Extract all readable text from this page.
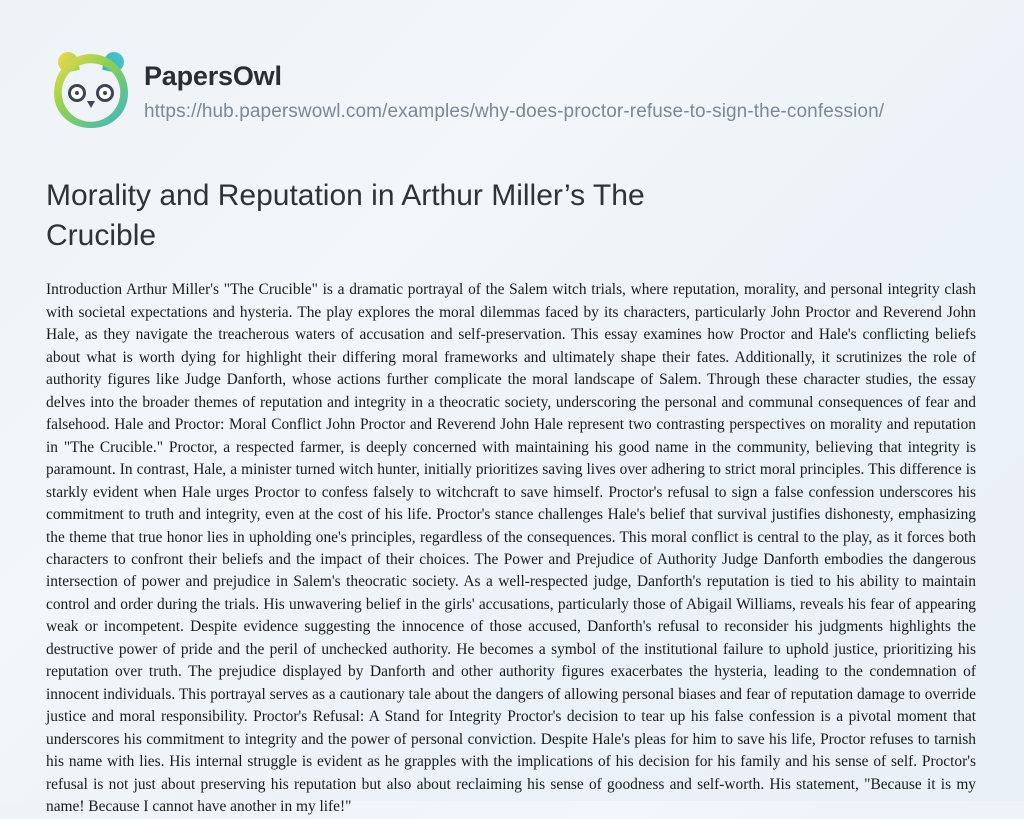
PapersOwl
https://hub.paperswowl.com/examples/why-does-proctor-refuse-to-sign-the-confession/
Morality and Reputation in Arthur Miller’s The Crucible
Introduction Arthur Miller's "The Crucible" is a dramatic portrayal of the Salem witch trials, where reputation, morality, and personal integrity clash with societal expectations and hysteria. The play explores the moral dilemmas faced by its characters, particularly John Proctor and Reverend John Hale, as they navigate the treacherous waters of accusation and self-preservation. This essay examines how Proctor and Hale's conflicting beliefs about what is worth dying for highlight their differing moral frameworks and ultimately shape their fates. Additionally, it scrutinizes the role of authority figures like Judge Danforth, whose actions further complicate the moral landscape of Salem. Through these character studies, the essay delves into the broader themes of reputation and integrity in a theocratic society, underscoring the personal and communal consequences of fear and falsehood. Hale and Proctor: Moral Conflict John Proctor and Reverend John Hale represent two contrasting perspectives on morality and reputation in "The Crucible." Proctor, a respected farmer, is deeply concerned with maintaining his good name in the community, believing that integrity is paramount. In contrast, Hale, a minister turned witch hunter, initially prioritizes saving lives over adhering to strict moral principles. This difference is starkly evident when Hale urges Proctor to confess falsely to witchcraft to save himself. Proctor's refusal to sign a false confession underscores his commitment to truth and integrity, even at the cost of his life. Proctor's stance challenges Hale's belief that survival justifies dishonesty, emphasizing the theme that true honor lies in upholding one's principles, regardless of the consequences. This moral conflict is central to the play, as it forces both characters to confront their beliefs and the impact of their choices. The Power and Prejudice of Authority Judge Danforth embodies the dangerous intersection of power and prejudice in Salem's theocratic society. As a well-respected judge, Danforth's reputation is tied to his ability to maintain control and order during the trials. His unwavering belief in the girls' accusations, particularly those of Abigail Williams, reveals his fear of appearing weak or incompetent. Despite evidence suggesting the innocence of those accused, Danforth's refusal to reconsider his judgments highlights the destructive power of pride and the peril of unchecked authority. He becomes a symbol of the institutional failure to uphold justice, prioritizing his reputation over truth. The prejudice displayed by Danforth and other authority figures exacerbates the hysteria, leading to the condemnation of innocent individuals. This portrayal serves as a cautionary tale about the dangers of allowing personal biases and fear of reputation damage to override justice and moral responsibility. Proctor's Refusal: A Stand for Integrity Proctor's decision to tear up his false confession is a pivotal moment that underscores his commitment to integrity and the power of personal conviction. Despite Hale's pleas for him to save his life, Proctor refuses to tarnish his name with lies. His internal struggle is evident as he grapples with the implications of his decision for his family and his sense of self. Proctor's refusal is not just about preserving his reputation but also about reclaiming his sense of goodness and self-worth. His statement, "Because it is my name! Because I cannot have another in my life!"
